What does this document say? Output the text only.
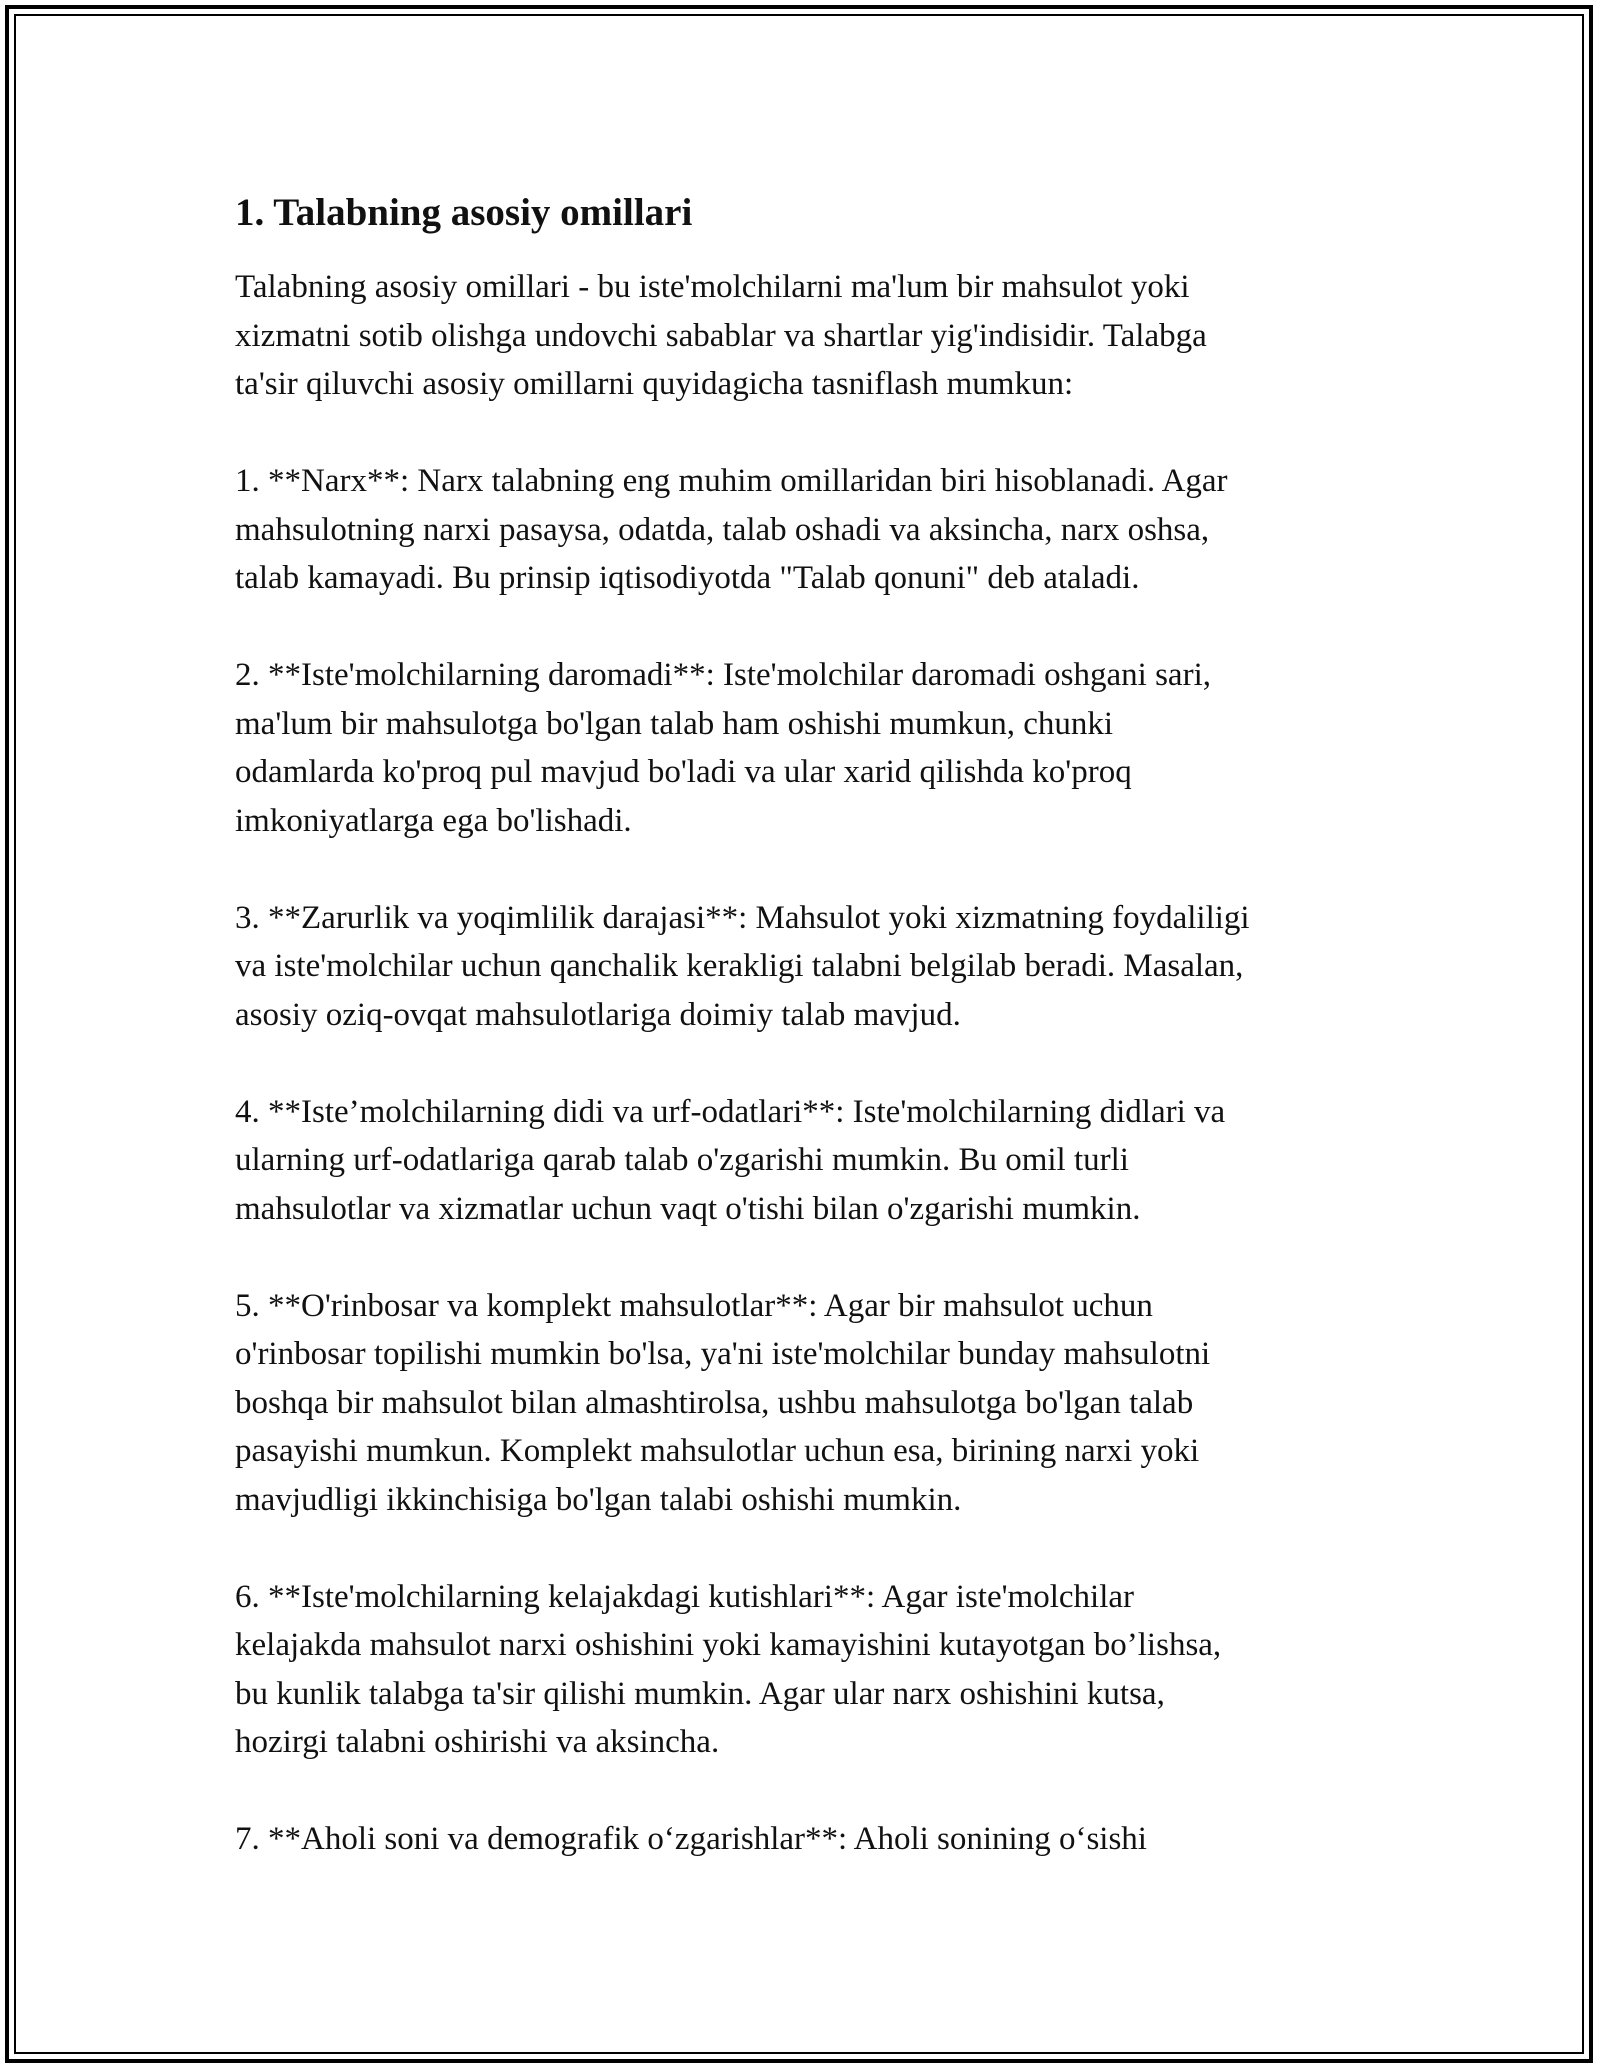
1. Talabning asosiy omillari

Talabning asosiy omillari - bu iste'molchilarni ma'lum bir mahsulot yoki
xizmatni sotib olishga undovchi sabablar va shartlar yig'indisidir. Talabga
ta'sir qiluvchi asosiy omillarni quyidagicha tasniflash mumkun:

1. **Narx**: Narx talabning eng muhim omillaridan biri hisoblanadi. Agar
mahsulotning narxi pasaysa, odatda, talab oshadi va aksincha, narx oshsa,
talab kamayadi. Bu prinsip iqtisodiyotda "Talab qonuni" deb ataladi.

2. **Iste'molchilarning daromadi**: Iste'molchilar daromadi oshgani sari,
ma'lum bir mahsulotga bo'lgan talab ham oshishi mumkun, chunki
odamlarda ko'proq pul mavjud bo'ladi va ular xarid qilishda ko'proq
imkoniyatlarga ega bo'lishadi.

3. **Zarurlik va yoqimlilik darajasi**: Mahsulot yoki xizmatning foydaliligi
va iste'molchilar uchun qanchalik kerakligi talabni belgilab beradi. Masalan,
asosiy oziq-ovqat mahsulotlariga doimiy talab mavjud.

4. **Iste’molchilarning didi va urf-odatlari**: Iste'molchilarning didlari va
ularning urf-odatlariga qarab talab o'zgarishi mumkin. Bu omil turli
mahsulotlar va xizmatlar uchun vaqt o'tishi bilan o'zgarishi mumkin.

5. **O'rinbosar va komplekt mahsulotlar**: Agar bir mahsulot uchun
o'rinbosar topilishi mumkin bo'lsa, ya'ni iste'molchilar bunday mahsulotni
boshqa bir mahsulot bilan almashtirolsa, ushbu mahsulotga bo'lgan talab
pasayishi mumkun. Komplekt mahsulotlar uchun esa, birining narxi yoki
mavjudligi ikkinchisiga bo'lgan talabi oshishi mumkin.

6. **Iste'molchilarning kelajakdagi kutishlari**: Agar iste'molchilar
kelajakda mahsulot narxi oshishini yoki kamayishini kutayotgan bo’lishsa,
bu kunlik talabga ta'sir qilishi mumkin. Agar ular narx oshishini kutsa,
hozirgi talabni oshirishi va aksincha.

7. **Aholi soni va demografik o‘zgarishlar**: Aholi sonining o‘sishi
